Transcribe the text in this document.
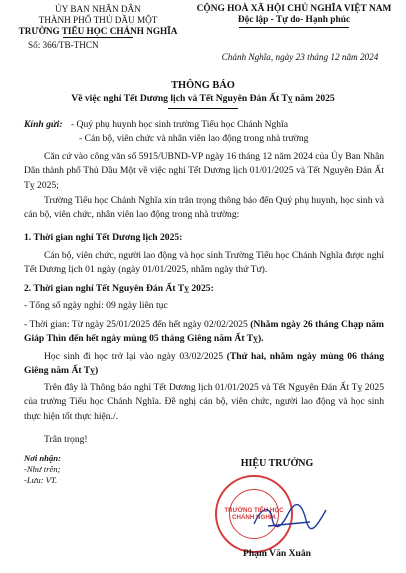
ỦY BAN NHÂN DÂN
THÀNH PHỐ THỦ DẦU MỘT
TRƯỜNG TIỂU HỌC CHÁNH NGHĨA
Số: 366/TB-THCN
CỘNG HOÀ XÃ HỘI CHỦ NGHĨA VIỆT NAM
Độc lập - Tự do- Hạnh phúc
Chánh Nghĩa, ngày 23 tháng 12 năm 2024
THÔNG BÁO
Về việc nghỉ Tết Dương lịch và Tết Nguyên Đán Ất Tỵ năm 2025
Kính gửi: - Quý phụ huynh học sinh trường Tiểu học Chánh Nghĩa
- Cán bộ, viên chức và nhân viên lao động trong nhà trường
Căn cứ vào công văn số 5915/UBND-VP ngày 16 tháng 12 năm 2024 của Ủy Ban Nhân Dân thành phố Thủ Dầu Một về việc nghỉ Tết Dương lịch 01/01/2025 và Tết Nguyên Đán Ất Tỵ 2025;
Trường Tiểu học Chánh Nghĩa xin trân trọng thông báo đến Quý phụ huynh, học sinh và cán bộ, viên chức, nhân viên lao động trong nhà trường:
1. Thời gian nghỉ Tết Dương lịch 2025:
Cán bộ, viên chức, người lao động và học sinh Trường Tiểu học Chánh Nghĩa được nghỉ Tết Dương lịch 01 ngày (ngày 01/01/2025, nhằm ngày thứ Tư).
2. Thời gian nghỉ Tết Nguyên Đán Ất Tỵ 2025:
- Tổng số ngày nghỉ: 09 ngày liên tục
- Thời gian: Từ ngày 25/01/2025 đến hết ngày 02/02/2025 (Nhằm ngày 26 tháng Chạp năm Giáp Thìn đến hết ngày mùng 05 tháng Giêng năm Ất Tỵ).
Học sinh đi học trở lại vào ngày 03/02/2025 (Thứ hai, nhằm ngày mùng 06 tháng Giêng năm Ất Tỵ)
Trên đây là Thông báo nghỉ Tết Dương lịch 01/01/2025 và Tết Nguyên Đán Ất Tỵ 2025 của trường Tiểu học Chánh Nghĩa. Đề nghị cán bộ, viên chức, người lao động và học sinh thực hiện tốt thực hiện./.
Trân trọng!
Nơi nhận:
-Như trên;
-Lưu: VT.
HIỆU TRƯỞNG
TRƯỜNG TIỂU HỌC CHÁNH NGHĨA
Phạm Văn Xuân
